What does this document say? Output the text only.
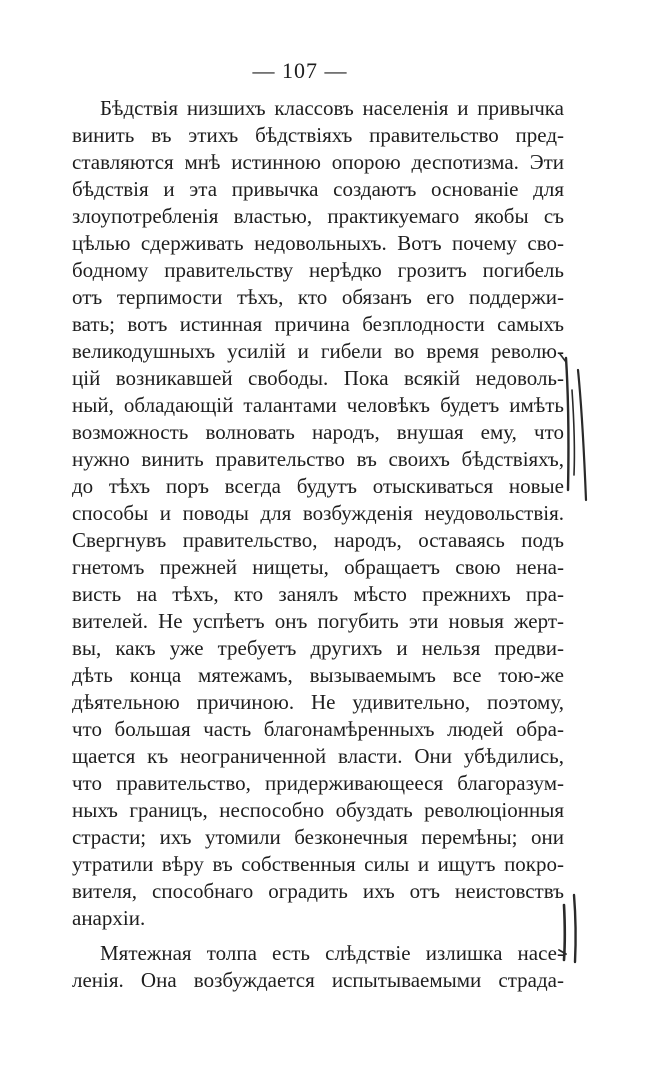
— 107 —
Бѣдствія низшихъ классовъ населенія и привычка
винить въ этихъ бѣдствіяхъ правительство пред-
ставляются мнѣ истинною опорою деспотизма. Эти
бѣдствія и эта привычка создаютъ основаніе для
злоупотребленія властью, практикуемаго якобы съ
цѣлью сдерживать недовольныхъ. Вотъ почему сво-
бодному правительству нерѣдко грозитъ погибель
отъ терпимости тѣхъ, кто обязанъ его поддержи-
вать; вотъ истинная причина безплодности самыхъ
великодушныхъ усилій и гибели во время револю-
цій возникавшей свободы. Пока всякій недоволь-
ный, обладающій талантами человѣкъ будетъ имѣть
возможность волновать народъ, внушая ему, что
нужно винить правительство въ своихъ бѣдствіяхъ,
до тѣхъ поръ всегда будутъ отыскиваться новые
способы и поводы для возбужденія неудовольствія.
Свергнувъ правительство, народъ, оставаясь подъ
гнетомъ прежней нищеты, обращаетъ свою нена-
висть на тѣхъ, кто занялъ мѣсто прежнихъ пра-
вителей. Не успѣетъ онъ погубить эти новыя жерт-
вы, какъ уже требуетъ другихъ и нельзя предви-
дѣть конца мятежамъ, вызываемымъ все тою-же
дѣятельною причиною. Не удивительно, поэтому,
что большая часть благонамѣренныхъ людей обра-
щается къ неограниченной власти. Они убѣдились,
что правительство, придерживающееся благоразум-
ныхъ границъ, неспособно обуздать революціонныя
страсти; ихъ утомили безконечныя перемѣны; они
утратили вѣру въ собственныя силы и ищутъ покро-
вителя, способнаго оградить ихъ отъ неистовствъ
анархіи.
Мятежная толпа есть слѣдствіе излишка насе-
ленія. Она возбуждается испытываемыми страда-
